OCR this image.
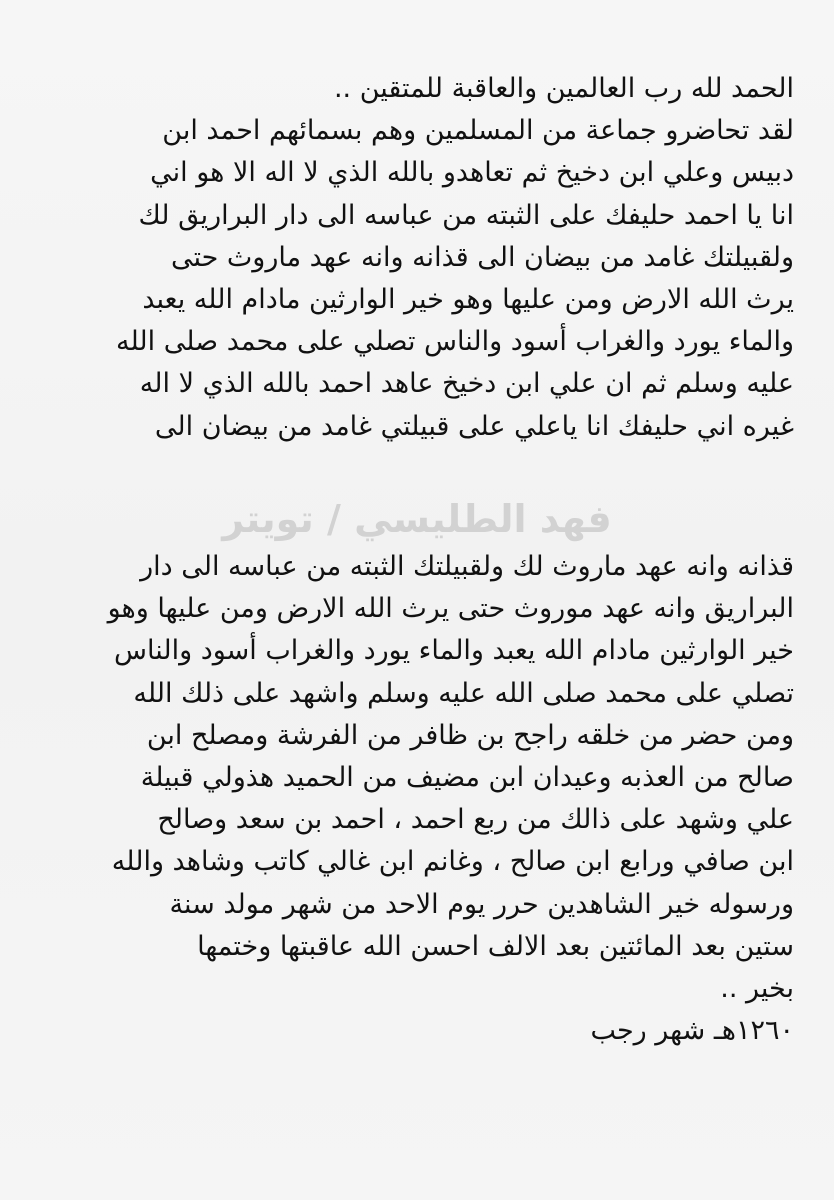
الحمد لله رب العالمين والعاقبة للمتقين ..
لقد تحاضرو جماعة من المسلمين وهم بسمائهم احمد ابن
دبيس وعلي ابن دخيخ ثم تعاهدو بالله الذي لا اله الا هو اني
انا يا احمد حليفك على الثبته من عباسه الى دار البراريق لك
ولقبيلتك غامد من بيضان الى قذانه وانه عهد ماروث حتى
يرث الله الارض ومن عليها وهو خير الوارثين مادام الله يعبد
والماء يورد والغراب أسود والناس تصلي على محمد صلى الله
عليه وسلم ثم ان علي ابن دخيخ عاهد احمد بالله الذي لا اله
غيره اني حليفك انا ياعلي على قبيلتي غامد من بيضان الى
فهد الطليسي / تويتر
قذانه وانه عهد ماروث لك ولقبيلتك الثبته من عباسه الى دار
البراريق وانه عهد موروث حتى يرث الله الارض ومن عليها وهو
خير الوارثين مادام الله يعبد والماء يورد والغراب أسود والناس
تصلي على محمد صلى الله عليه وسلم واشهد على ذلك الله
ومن حضر من خلقه راجح بن ظافر من الفرشة ومصلح ابن
صالح من العذبه وعيدان ابن مضيف من الحميد هذولي قبيلة
علي وشهد على ذالك من ربع احمد ، احمد بن سعد وصالح
ابن صافي ورابع ابن صالح ، وغانم ابن غالي كاتب وشاهد والله
ورسوله خير الشاهدين حرر يوم الاحد من شهر مولد سنة
ستين بعد المائتين بعد الالف احسن الله عاقبتها وختمها
بخير ..
١٢٦٠هـ شهر رجب
